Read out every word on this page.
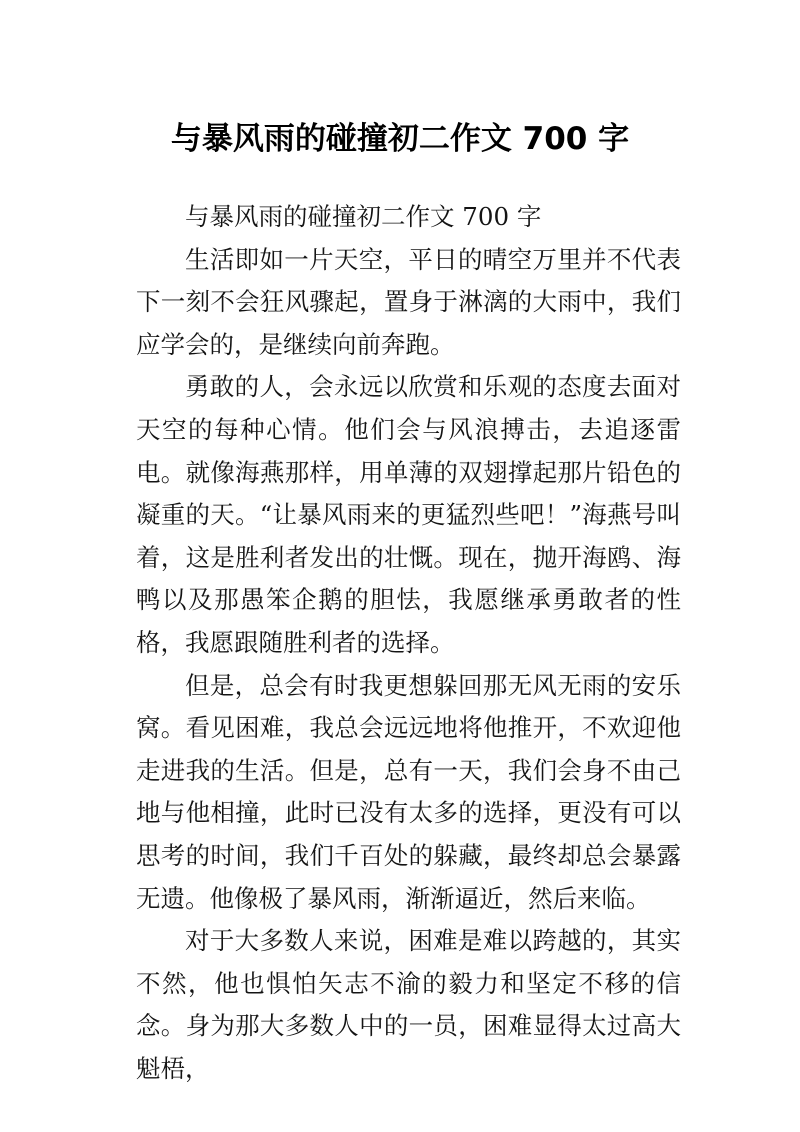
与暴风雨的碰撞初二作文 700 字

与暴风雨的碰撞初二作文 700 字

生活即如一片天空，平日的晴空万里并不代表下一刻不会狂风骤起，置身于淋漓的大雨中，我们应学会的，是继续向前奔跑。

勇敢的人，会永远以欣赏和乐观的态度去面对天空的每种心情。他们会与风浪搏击，去追逐雷电。就像海燕那样，用单薄的双翅撑起那片铅色的凝重的天。“让暴风雨来的更猛烈些吧！”海燕号叫着，这是胜利者发出的壮慨。现在，抛开海鸥、海鸭以及那愚笨企鹅的胆怯，我愿继承勇敢者的性格，我愿跟随胜利者的选择。

但是，总会有时我更想躲回那无风无雨的安乐窝。看见困难，我总会远远地将他推开，不欢迎他走进我的生活。但是，总有一天，我们会身不由己地与他相撞，此时已没有太多的选择，更没有可以思考的时间，我们千百处的躲藏，最终却总会暴露无遗。他像极了暴风雨，渐渐逼近，然后来临。

对于大多数人来说，困难是难以跨越的，其实不然，他也惧怕矢志不渝的毅力和坚定不移的信念。身为那大多数人中的一员，困难显得太过高大魁梧，
